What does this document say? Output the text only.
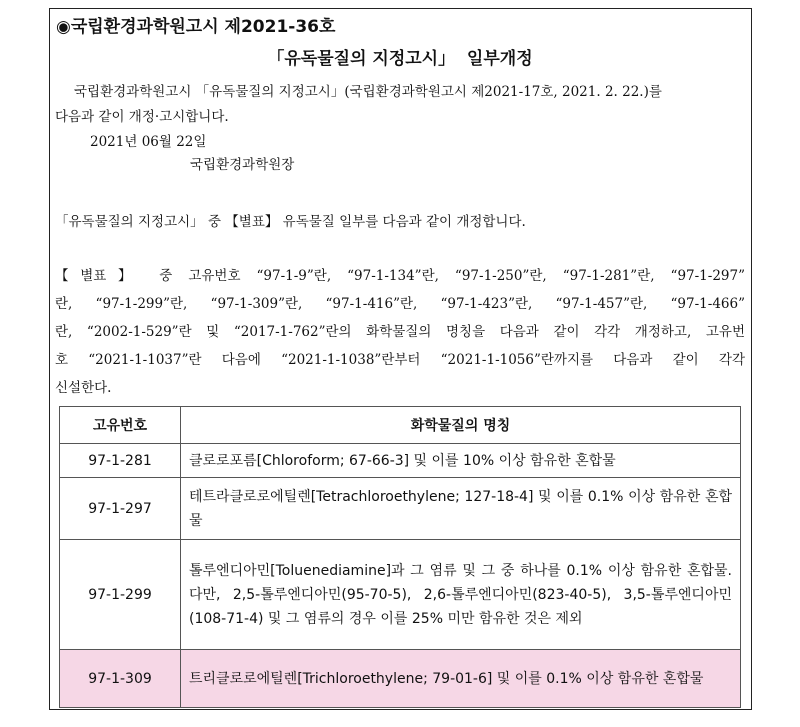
◉국립환경과학원고시 제2021-36호
「유독물질의 지정고시」  일부개정
국립환경과학원고시 「유독물질의 지정고시」(국립환경과학원고시 제2021-17호, 2021. 2. 22.)를
다음과 같이 개정·고시합니다.
2021년 06월 22일
국립환경과학원장
「유독물질의 지정고시」 중 【별표】 유독물질 일부를 다음과 같이 개정합니다.
【별표】 중 고유번호 “97-1-9”란, “97-1-134”란, “97-1-250”란, “97-1-281”란, “97-1-297”
란, “97-1-299”란, “97-1-309”란, “97-1-416”란, “97-1-423”란, “97-1-457”란, “97-1-466”
란, “2002-1-529”란 및 “2017-1-762”란의 화학물질의 명칭을 다음과 같이 각각 개정하고, 고유번
호 “2021-1-1037”란 다음에 “2021-1-1038”란부터 “2021-1-1056”란까지를 다음과 같이 각각
신설한다.
고유번호	화학물질의 명칭
97-1-281	클로로포름[Chloroform; 67-66-3] 및 이를 10% 이상 함유한 혼합물
97-1-297	테트라클로로에틸렌[Tetrachloroethylene; 127-18-4] 및 이를 0.1% 이상 함유한 혼합물
97-1-299	톨루엔디아민[Toluenediamine]과 그 염류 및 그 중 하나를 0.1% 이상 함유한 혼합물. 다만, 2,5-톨루엔디아민(95-70-5), 2,6-톨루엔디아민(823-40-5), 3,5-톨루엔디아민(108-71-4) 및 그 염류의 경우 이를 25% 미만 함유한 것은 제외
97-1-309	트리클로로에틸렌[Trichloroethylene; 79-01-6] 및 이를 0.1% 이상 함유한 혼합물
